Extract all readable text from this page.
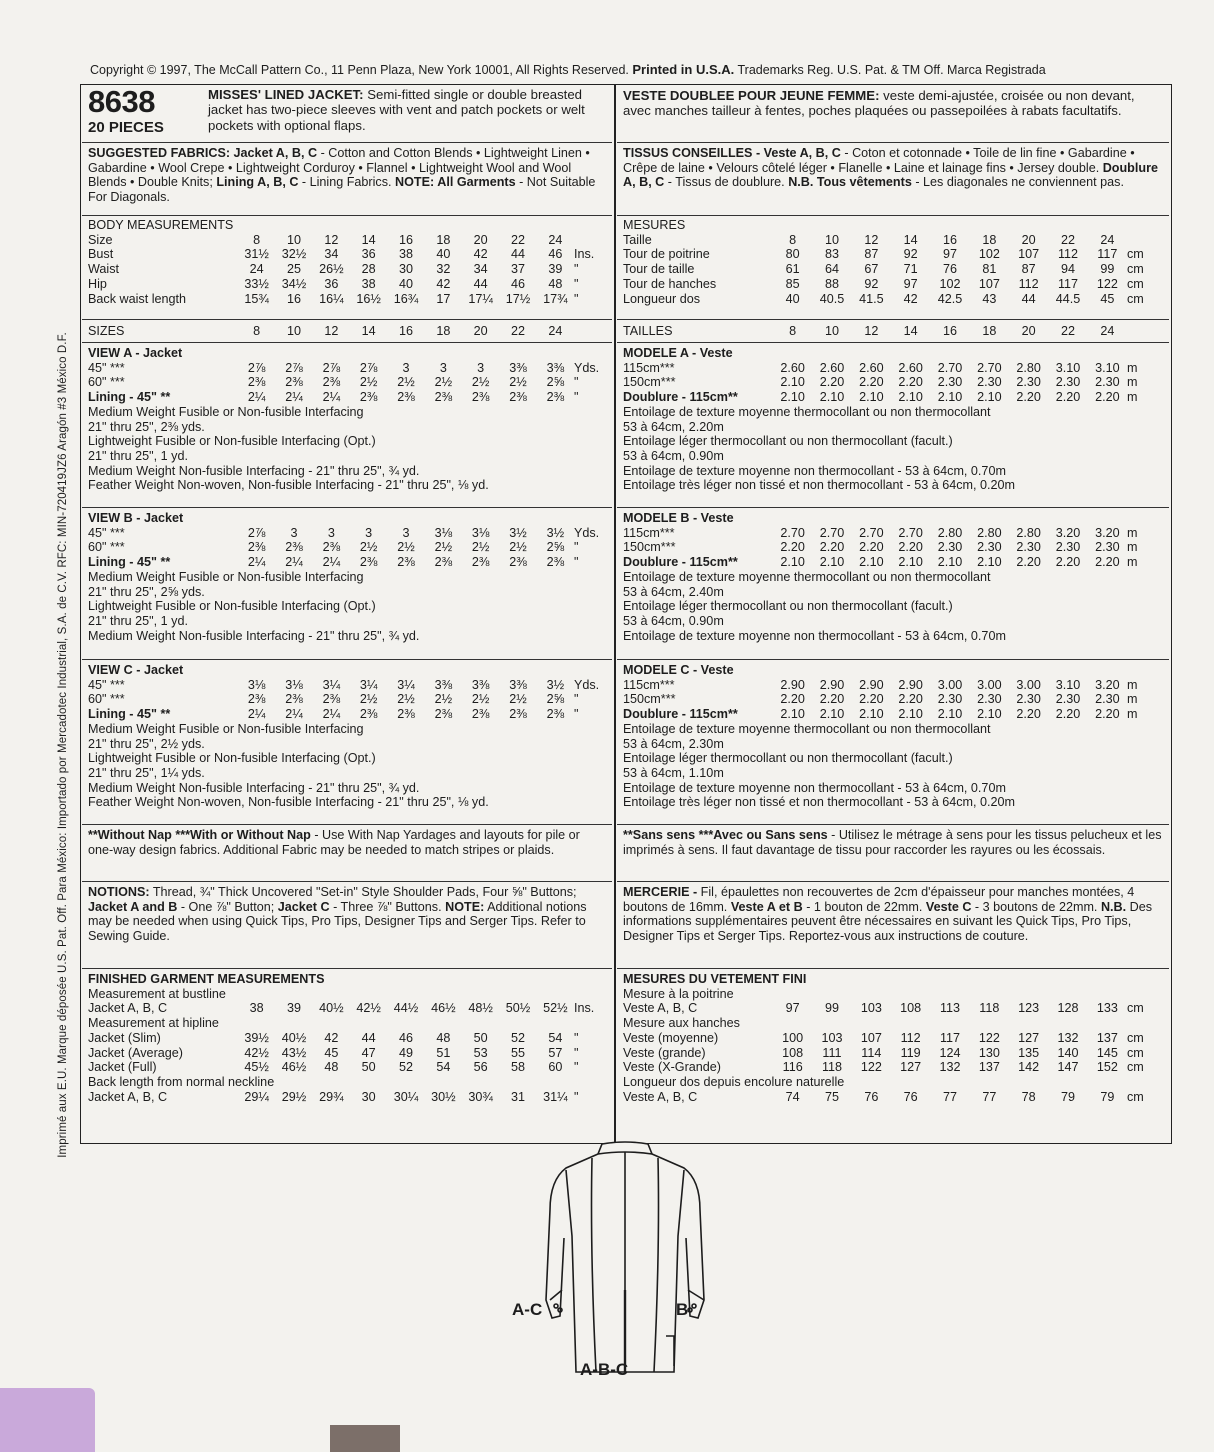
Copyright © 1997, The McCall Pattern Co., 11 Penn Plaza, New York 10001, All Rights Reserved. Printed in U.S.A. Trademarks Reg. U.S. Pat. & TM Off. Marca Registrada
Imprimé aux E.U. Marque déposée U.S. Pat. Off. Para México: Importado por Mercadotec Industrial, S.A. de C.V. RFC: MIN-720419JZ6 Aragón #3 México D.F.
8638
20 PIECES
MISSES' LINED JACKET: Semi-fitted single or double breasted jacket has two-piece sleeves with vent and patch pockets or welt pockets with optional flaps.
SUGGESTED FABRICS: Jacket A, B, C - Cotton and Cotton Blends • Lightweight Linen • Gabardine • Wool Crepe • Lightweight Corduroy • Flannel • Lightweight Wool and Wool Blends • Double Knits; Lining A, B, C - Lining Fabrics. NOTE: All Garments - Not Suitable For Diagonals.
BODY MEASUREMENTS
Size	8	10	12	14	16	18	20	22	24
Bust	31½	32½	34	36	38	40	42	44	46 Ins.
Waist	24	25	26½	28	30	32	34	37	39 "
Hip	33½	34½	36	38	40	42	44	46	48 "
Back waist length	15¾	16	16¼	16½	16¾	17	17¼	17½	17¾ "
SIZES	8	10	12	14	16	18	20	22	24
VIEW A - Jacket
45" ***	2⅞	2⅞	2⅞	2⅞	3	3	3	3⅜	3⅜ Yds.
60" ***	2⅜	2⅜	2⅜	2½	2½	2½	2½	2½	2⅝ "
Lining - 45" **	2¼	2¼	2¼	2⅜	2⅜	2⅜	2⅜	2⅜	2⅜ "
Medium Weight Fusible or Non-fusible Interfacing
21" thru 25", 2⅜ yds.
Lightweight Fusible or Non-fusible Interfacing (Opt.)
21" thru 25", 1 yd.
Medium Weight Non-fusible Interfacing - 21" thru 25", ¾ yd.
Feather Weight Non-woven, Non-fusible Interfacing - 21" thru 25", ⅛ yd.
VIEW B - Jacket
45" ***	2⅞	3	3	3	3	3⅛	3⅛	3½	3½ Yds.
60" ***	2⅜	2⅜	2⅜	2½	2½	2½	2½	2½	2⅝ "
Lining - 45" **	2¼	2¼	2¼	2⅜	2⅜	2⅜	2⅜	2⅜	2⅜ "
Medium Weight Fusible or Non-fusible Interfacing
21" thru 25", 2⅝ yds.
Lightweight Fusible or Non-fusible Interfacing (Opt.)
21" thru 25", 1 yd.
Medium Weight Non-fusible Interfacing - 21" thru 25", ¾ yd.
VIEW C - Jacket
45" ***	3⅛	3⅛	3¼	3¼	3¼	3⅜	3⅜	3⅜	3½ Yds.
60" ***	2⅜	2⅜	2⅜	2½	2½	2½	2½	2½	2⅝ "
Lining - 45" **	2¼	2¼	2¼	2⅜	2⅜	2⅜	2⅜	2⅜	2⅜ "
Medium Weight Fusible or Non-fusible Interfacing
21" thru 25", 2½ yds.
Lightweight Fusible or Non-fusible Interfacing (Opt.)
21" thru 25", 1¼ yds.
Medium Weight Non-fusible Interfacing - 21" thru 25", ¾ yd.
Feather Weight Non-woven, Non-fusible Interfacing - 21" thru 25", ⅛ yd.
**Without Nap ***With or Without Nap - Use With Nap Yardages and layouts for pile or one-way design fabrics. Additional Fabric may be needed to match stripes or plaids.
NOTIONS: Thread, ¾" Thick Uncovered "Set-in" Style Shoulder Pads, Four ⅝" Buttons; Jacket A and B - One ⅞" Button; Jacket C - Three ⅞" Buttons. NOTE: Additional notions may be needed when using Quick Tips, Pro Tips, Designer Tips and Serger Tips. Refer to Sewing Guide.
FINISHED GARMENT MEASUREMENTS
Measurement at bustline
Jacket A, B, C	38	39	40½	42½	44½	46½	48½	50½	52½ Ins.
Measurement at hipline
Jacket (Slim)	39½	40½	42	44	46	48	50	52	54 "
Jacket (Average)	42½	43½	45	47	49	51	53	55	57 "
Jacket (Full)	45½	46½	48	50	52	54	56	58	60 "
Back length from normal neckline
Jacket A, B, C	29¼	29½	29¾	30	30¼	30½	30¾	31	31¼ "
VESTE DOUBLEE POUR JEUNE FEMME: veste demi-ajustée, croisée ou non devant, avec manches tailleur à fentes, poches plaquées ou passepoilées à rabats facultatifs.
TISSUS CONSEILLES - Veste A, B, C - Coton et cotonnade • Toile de lin fine • Gabardine • Crêpe de laine • Velours côtelé léger • Flanelle • Laine et lainage fins • Jersey double. Doublure A, B, C - Tissus de doublure. N.B. Tous vêtements - Les diagonales ne conviennent pas.
MESURES
Taille	8	10	12	14	16	18	20	22	24
Tour de poitrine	80	83	87	92	97	102	107	112	117 cm
Tour de taille	61	64	67	71	76	81	87	94	99	cm
Tour de hanches	85	88	92	97	102	107	112	117	122 cm
Longueur dos	40	40.5	41.5	42	42.5	43	44	44.5	45	cm
TAILLES	8	10	12	14	16	18	20	22	24
MODELE A - Veste
115cm***	2.60	2.60	2.60	2.60	2.70	2.70	2.80	3.10	3.10 m
150cm***	2.10	2.20	2.20	2.20	2.30	2.30	2.30	2.30	2.30 m
Doublure - 115cm**	2.10	2.10	2.10	2.10	2.10	2.10	2.20	2.20	2.20 m
Entoilage de texture moyenne thermocollant ou non thermocollant
53 à 64cm, 2.20m
Entoilage léger thermocollant ou non thermocollant (facult.)
53 à 64cm, 0.90m
Entoilage de texture moyenne non thermocollant - 53 à 64cm, 0.70m
Entoilage très léger non tissé et non thermocollant - 53 à 64cm, 0.20m
MODELE B - Veste
115cm***	2.70	2.70	2.70	2.70	2.80	2.80	2.80	3.20	3.20 m
150cm***	2.20	2.20	2.20	2.20	2.30	2.30	2.30	2.30	2.30 m
Doublure - 115cm**	2.10	2.10	2.10	2.10	2.10	2.10	2.20	2.20	2.20 m
Entoilage de texture moyenne thermocollant ou non thermocollant
53 à 64cm, 2.40m
Entoilage léger thermocollant ou non thermocollant (facult.)
53 à 64cm, 0.90m
Entoilage de texture moyenne non thermocollant - 53 à 64cm, 0.70m
MODELE C - Veste
115cm***	2.90	2.90	2.90	2.90	3.00	3.00	3.00	3.10	3.20 m
150cm***	2.20	2.20	2.20	2.20	2.30	2.30	2.30	2.30	2.30 m
Doublure - 115cm**	2.10	2.10	2.10	2.10	2.10	2.10	2.20	2.20	2.20 m
Entoilage de texture moyenne thermocollant ou non thermocollant
53 à 64cm, 2.30m
Entoilage léger thermocollant ou non thermocollant (facult.)
53 à 64cm, 1.10m
Entoilage de texture moyenne non thermocollant - 53 à 64cm, 0.70m
Entoilage très léger non tissé et non thermocollant - 53 à 64cm, 0.20m
**Sans sens ***Avec ou Sans sens - Utilisez le métrage à sens pour les tissus pelucheux et les imprimés à sens. Il faut davantage de tissu pour raccorder les rayures ou les écossais.
MERCERIE - Fil, épaulettes non recouvertes de 2cm d'épaisseur pour manches montées, 4 boutons de 16mm. Veste A et B - 1 bouton de 22mm. Veste C - 3 boutons de 22mm. N.B. Des informations supplémentaires peuvent être nécessaires en suivant les Quick Tips, Pro Tips, Designer Tips et Serger Tips. Reportez-vous aux instructions de couture.
MESURES DU VETEMENT FINI
Mesure à la poitrine
Veste A, B, C	97	99	103	108	113	118	123	128	133 cm
Mesure aux hanches
Veste (moyenne)	100	103	107	112	117	122	127	132	137 cm
Veste (grande)	108	111	114	119	124	130	135	140	145 cm
Veste (X-Grande)	116	118	122	127	132	137	142	147	152 cm
Longueur dos depuis encolure naturelle
Veste A, B, C	74	75	76	76	77	77	78	79	79	cm
A-C	B
A-B-C
